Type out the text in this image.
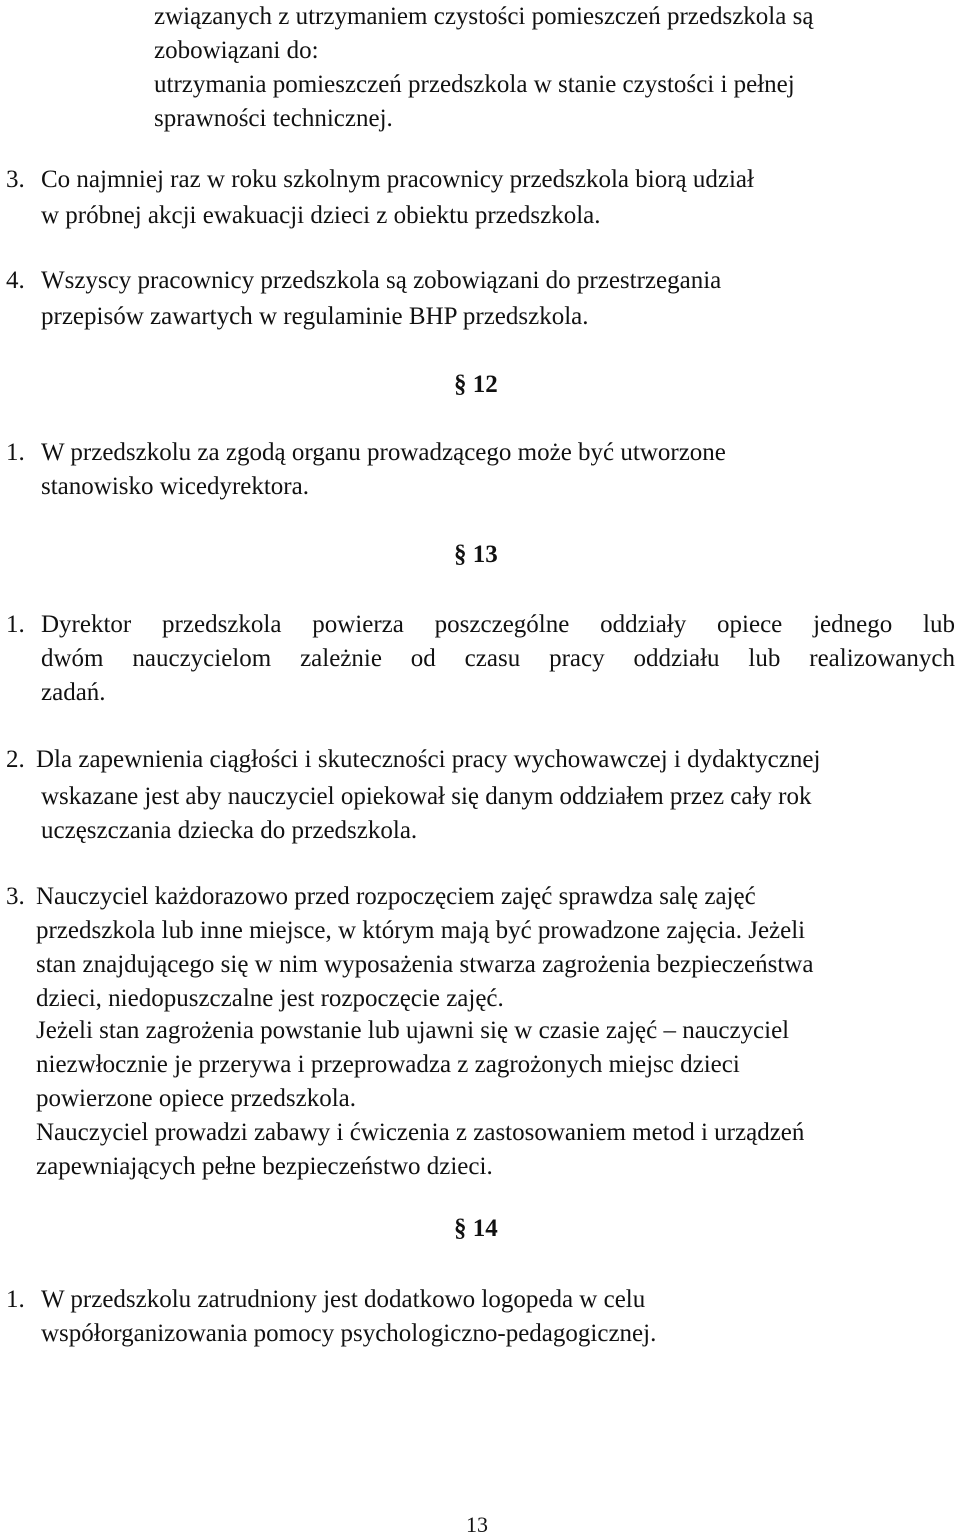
związanych z utrzymaniem czystości pomieszczeń przedszkola są

zobowiązani do:

utrzymania pomieszczeń przedszkola w stanie czystości i pełnej

sprawności technicznej.

3. Co najmniej raz w roku szkolnym pracownicy przedszkola biorą udział

w próbnej akcji ewakuacji dzieci z obiektu przedszkola.

4. Wszyscy pracownicy przedszkola są zobowiązani do przestrzegania

przepisów zawartych w regulaminie BHP przedszkola.

§ 12
1. W przedszkolu za zgodą organu prowadzącego może być utworzone

stanowisko wicedyrektora.

§ 13
1. Dyrektor przedszkola powierza poszczególne oddziały opiece jednego lub

dwóm nauczycielom zależnie od czasu pracy oddziału lub realizowanych

zadań.

2. Dla zapewnienia ciągłości i skuteczności pracy wychowawczej i dydaktycznej

wskazane jest aby nauczyciel opiekował się danym oddziałem przez cały rok

uczęszczania dziecka do przedszkola.

3. Nauczyciel każdorazowo przed rozpoczęciem zajęć sprawdza salę zajęć

przedszkola lub inne miejsce, w którym mają być prowadzone zajęcia. Jeżeli

stan znajdującego się w nim wyposażenia stwarza zagrożenia bezpieczeństwa

dzieci, niedopuszczalne jest rozpoczęcie zajęć.

Jeżeli stan zagrożenia powstanie lub ujawni się w czasie zajęć – nauczyciel

niezwłocznie je przerywa i przeprowadza z zagrożonych miejsc dzieci

powierzone opiece przedszkola.

Nauczyciel prowadzi zabawy i ćwiczenia z zastosowaniem metod i urządzeń

zapewniających pełne bezpieczeństwo dzieci.

§ 14
1. W przedszkolu zatrudniony jest dodatkowo logopeda w celu

współorganizowania pomocy psychologiczno-pedagogicznej.

13
